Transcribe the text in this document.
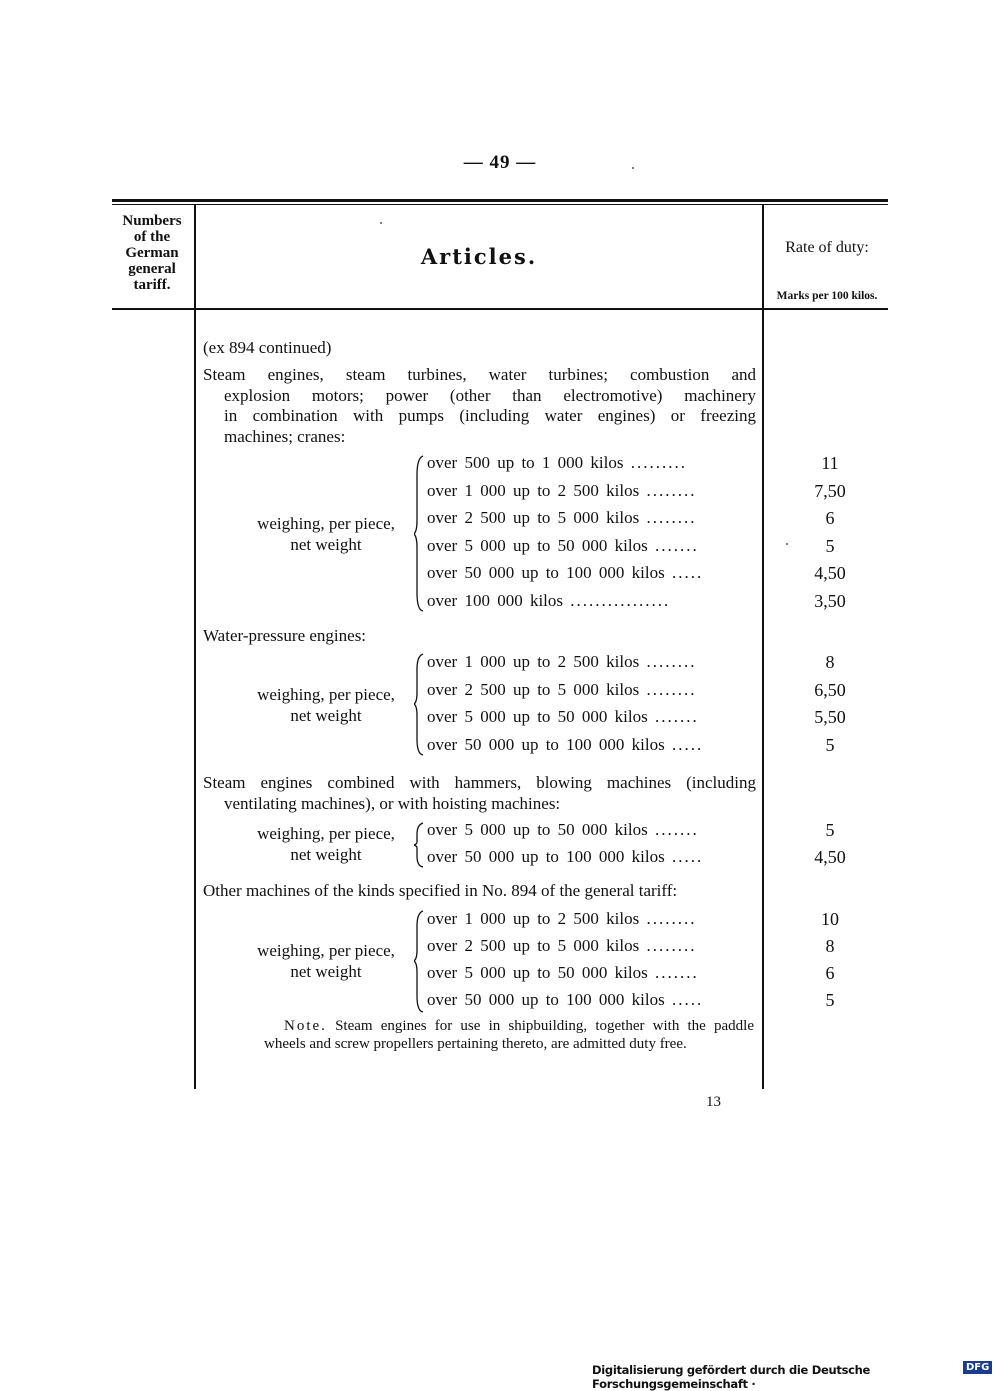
— 49 —
Numbers
of the
German
general
tariff.
Articles.	Rate of duty:
Marks per 100 kilos.
(ex 894 continued)
Steam engines, steam turbines, water turbines; combustion and
explosion motors; power (other than electromotive) machinery
in combination with pumps (including water engines) or freezing
machines; cranes:
weighing, per piece,
net weight
over 500 up to 1 000 kilos .........
over 1 000 up to 2 500 kilos ........
over 2 500 up to 5 000 kilos ........
over 5 000 up to 50 000 kilos .......
over 50 000 up to 100 000 kilos .....
over 100 000 kilos ................
11
7,50
6
5
4,50
3,50
Water-pressure engines:
weighing, per piece,
net weight
over 1 000 up to 2 500 kilos ........
over 2 500 up to 5 000 kilos ........
over 5 000 up to 50 000 kilos .......
over 50 000 up to 100 000 kilos .....
8
6,50
5,50
5
Steam engines combined with hammers, blowing machines (including
ventilating machines), or with hoisting machines:
weighing, per piece,
net weight
over 5 000 up to 50 000 kilos .......
over 50 000 up to 100 000 kilos .....
5
4,50
Other machines of the kinds specified in No. 894 of the general tariff:
weighing, per piece,
net weight
over 1 000 up to 2 500 kilos ........
over 2 500 up to 5 000 kilos ........
over 5 000 up to 50 000 kilos .......
over 50 000 up to 100 000 kilos .....
10
8
6
5
Note. Steam engines for use in shipbuilding, together with the paddle wheels and screw propellers pertaining thereto, are admitted duty free.
13
Digitalisierung gefördert durch die Deutsche Forschungsgemeinschaft ·
DFG
